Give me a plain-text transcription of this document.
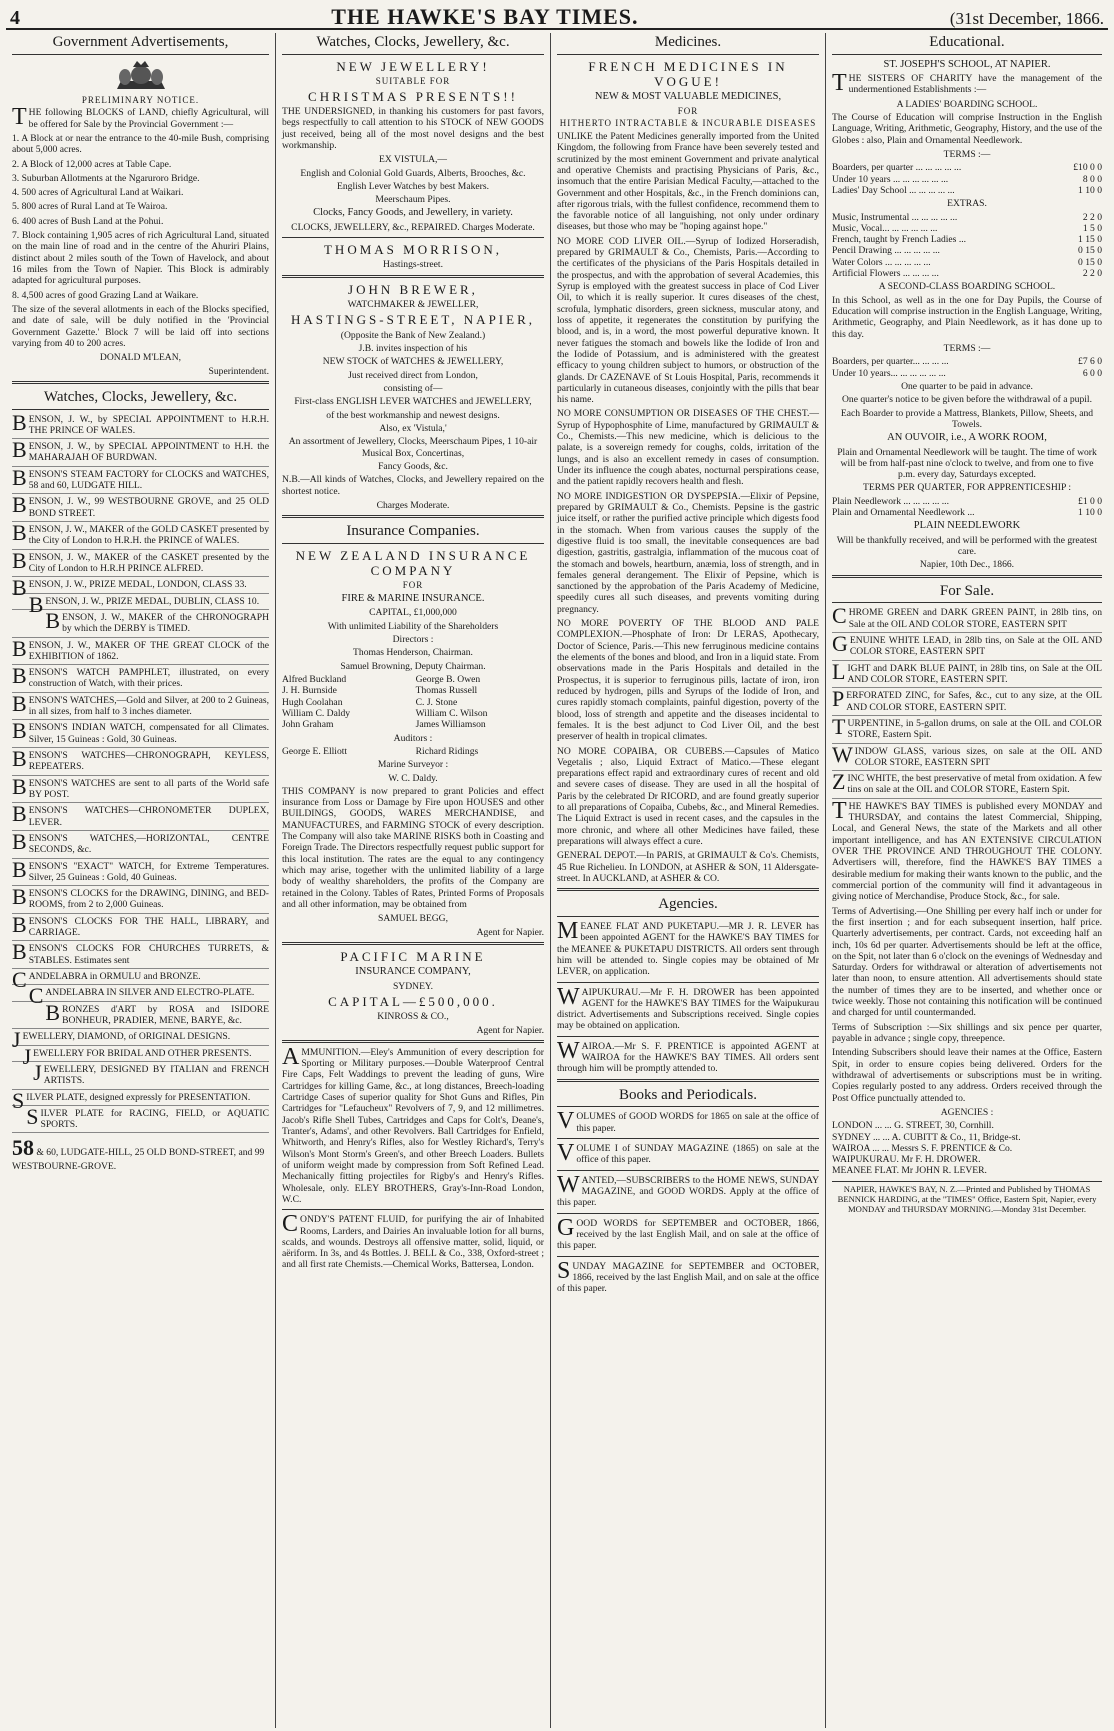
4	THE HAWKE'S BAY TIMES.	(31st December, 1866.
Government Advertisements,
PRELIMINARY NOTICE.

THE following BLOCKS of LAND, chiefly Agricultural, will be offered for Sale by the Provincial Government :—

1. A Block at or near the entrance to the 40-mile Bush, comprising about 5,000 acres.

2. A Block of 12,000 acres at Table Cape.

3. Suburban Allotments at the Ngaruroro Bridge.

4. 500 acres of Agricultural Land at Waikari.

5. 800 acres of Rural Land at Te Wairoa.

6. 400 acres of Bush Land at the Pohui.

7. Block containing 1,905 acres of rich Agricultural Land, situated on the main line of road and in the centre of the Ahuriri Plains, distinct about 2 miles south of the Town of Havelock, and about 16 miles from the Town of Napier. This Block is admirably adapted for agricultural purposes.

8. 4,500 acres of good Grazing Land at Waikare.

The size of the several allotments in each of the Blocks specified, and date of sale, will be duly notified in the 'Provincial Government Gazette.' Block 7 will be laid off into sections varying from 40 to 200 acres.

DONALD M'LEAN,
Superintendent.
Watches, Clocks, Jewellery, &c.
BENSON, J. W., by SPECIAL APPOINTMENT to H.R.H. THE PRINCE OF WALES.
BENSON, J. W., by SPECIAL APPOINTMENT to H.H. the MAHARAJAH OF BURDWAN.
BENSON'S STEAM FACTORY for CLOCKS and WATCHES, 58 and 60, LUDGATE HILL.
BENSON, J. W., 99 WESTBOURNE GROVE, and 25 OLD BOND STREET.
BENSON, J. W., MAKER of the GOLD CASKET presented by the City of London to H.R.H. the PRINCE of WALES.
BENSON, J. W., MAKER of the CASKET presented by the City of London to H.R.H PRINCE ALFRED.
BENSON, J. W., PRIZE MEDAL, LONDON, CLASS 33.
BENSON, J. W., PRIZE MEDAL, DUBLIN, CLASS 10.
BENSON, J. W., MAKER of the CHRONOGRAPH by which the DERBY is TIMED.
BENSON, J. W., MAKER OF THE GREAT CLOCK of the EXHIBITION of 1862.
BENSON'S WATCH PAMPHLET, illustrated, on every construction of Watch, with their prices.
BENSON'S WATCHES,—Gold and Silver, at 200 to 2 Guineas, in all sizes, from half to 3 inches diameter.
BENSON'S INDIAN WATCH, compensated for all Climates. Silver, 15 Guineas : Gold, 30 Guineas.
BENSON'S WATCHES—CHRONOGRAPH, KEYLESS, REPEATERS.
BENSON'S WATCHES are sent to all parts of the World safe BY POST.
BENSON'S WATCHES—CHRONOMETER DUPLEX, LEVER.
BENSON'S WATCHES,—HORIZONTAL, CENTRE SECONDS, &c.
BENSON'S "EXACT" WATCH, for Extreme Temperatures. Silver, 25 Guineas : Gold, 40 Guineas.
BENSON'S CLOCKS for the DRAWING, DINING, and BED-ROOMS, from 2 to 2,000 Guineas.
BENSON'S CLOCKS FOR THE HALL, LIBRARY, and CARRIAGE.
BENSON'S CLOCKS FOR CHURCHES TURRETS, & STABLES. Estimates sent
CANDELABRA in ORMULU and BRONZE.
CANDELABRA IN SILVER AND ELECTRO-PLATE.
BRONZES d'ART by ROSA and ISIDORE BONHEUR, PRADIER, MENE, BARYE, &c.
JEWELLERY, DIAMOND, of ORIGINAL DESIGNS.
JEWELLERY FOR BRIDAL AND OTHER PRESENTS.
JEWELLERY, DESIGNED BY ITALIAN and FRENCH ARTISTS.
SILVER PLATE, designed expressly for PRESENTATION.
SILVER PLATE for RACING, FIELD, or AQUATIC SPORTS.
58 & 60, LUDGATE-HILL, 25 OLD BOND-STREET, and 99 WESTBOURNE-GROVE.
Watches, Clocks, Jewellery, &c.
NEW JEWELLERY!
SUITABLE FOR
CHRISTMAS PRESENTS!!

THE UNDERSIGNED, in thanking his customers for past favors, begs respectfully to call attention to his STOCK of NEW GOODS just received, being all of the most novel designs and the best workmanship.

EX VISTULA,—
English and Colonial Gold Guards, Alberts, Brooches, &c.
English Lever Watches by best Makers.
Meerschaum Pipes.
Clocks, Fancy Goods, and Jewellery, in variety.
CLOCKS, JEWELLERY, &c., REPAIRED. Charges Moderate.
THOMAS MORRISON,
Hastings-street.
JOHN BREWER,
WATCHMAKER & JEWELLER,
HASTINGS-STREET, NAPIER,
(Opposite the Bank of New Zealand.)
J.B. invites inspection of his
NEW STOCK of WATCHES & JEWELLERY,
Just received direct from London,
consisting of—
First-class ENGLISH LEVER WATCHES and JEWELLERY,
of the best workmanship and newest designs.
Also, ex 'Vistula,'
An assortment of Jewellery, Clocks, Meerschaum Pipes, 1 10-air Musical Box, Concertinas,
Fancy Goods, &c.

N.B.—All kinds of Watches, Clocks, and Jewellery repaired on the shortest notice.

Charges Moderate.
Insurance Companies.
NEW ZEALAND INSURANCE COMPANY
FOR
FIRE & MARINE INSURANCE.
CAPITAL, £1,000,000
With unlimited Liability of the Shareholders
Directors :
Thomas Henderson, Chairman.
Samuel Browning, Deputy Chairman.
Alfred Buckland	George B. Owen
J. H. Burnside	Thomas Russell
Hugh Coolahan	C. J. Stone
William C. Daldy	William C. Wilson
John Graham	James Williamson
Auditors :
George E. Elliott	Richard Ridings
Marine Surveyor :
W. C. Daldy.

THIS COMPANY is now prepared to grant Policies and effect insurance from Loss or Damage by Fire upon HOUSES and other BUILDINGS, GOODS, WARES MERCHANDISE, and MANUFACTURES, and FARMING STOCK of every description. The Company will also take MARINE RISKS both in Coasting and Foreign Trade. The Directors respectfully request public support for this local institution. The rates are the equal to any contingency which may arise, together with the unlimited liability of a large body of wealthy shareholders, the profits of the Company are retained in the Colony. Tables of Rates, Printed Forms of Proposals and all other information, may be obtained from

SAMUEL BEGG,
Agent for Napier.
PACIFIC MARINE
INSURANCE COMPANY,
SYDNEY.
CAPITAL—£500,000.
KINROSS & CO.,
Agent for Napier.

AMMUNITION.—Eley's Ammunition of every description for Sporting or Military purposes.—Double Waterproof Central Fire Caps, Felt Waddings to prevent the leading of guns, Wire Cartridges for killing Game, &c., at long distances, Breech-loading Cartridge Cases of superior quality for Shot Guns and Rifles, Pin Cartridges for "Lefaucheux" Revolvers of 7, 9, and 12 millimetres. Jacob's Rifle Shell Tubes, Cartridges and Caps for Colt's, Deane's, Tranter's, Adams', and other Revolvers. Ball Cartridges for Enfield, Whitworth, and Henry's Rifles, also for Westley Richard's, Terry's Wilson's Mont Storm's Green's, and other Breech Loaders. Bullets of uniform weight made by compression from Soft Refined Lead. Mechanically fitting projectiles for Rigby's and Henry's Rifles. Wholesale, only. ELEY BROTHERS, Gray's-Inn-Road London, W.C.

CONDY'S PATENT FLUID, for purifying the air of Inhabited Rooms, Larders, and Dairies An invaluable lotion for all burns, scalds, and wounds. Destroys all offensive matter, solid, liquid, or aëriform. In 3s, and 4s Bottles. J. BELL & Co., 338, Oxford-street ; and all first rate Chemists.—Chemical Works, Battersea, London.

Medicines.
FRENCH MEDICINES IN VOGUE!
NEW & MOST VALUABLE MEDICINES,
FOR
HITHERTO INTRACTABLE & INCURABLE DISEASES

UNLIKE the Patent Medicines generally imported from the United Kingdom, the following from France have been severely tested and scrutinized by the most eminent Government and private analytical and operative Chemists and practising Physicians of Paris, &c., insomuch that the entire Parisian Medical Faculty,—attached to the Government and other Hospitals, &c., in the French dominions can, after rigorous trials, with the fullest confidence, recommend them to the favorable notice of all languishing, not only under ordinary diseases, but those who may be "hoping against hope."

NO MORE COD LIVER OIL.—Syrup of Iodized Horseradish, prepared by GRIMAULT & Co., Chemists, Paris.—According to the certificates of the physicians of the Paris Hospitals detailed in the prospectus, and with the approbation of several Academies, this Syrup is employed with the greatest success in place of Cod Liver Oil, to which it is really superior. It cures diseases of the chest, scrofula, lymphatic disorders, green sickness, muscular atony, and loss of appetite, it regenerates the constitution by purifying the blood, and is, in a word, the most powerful depurative known. It never fatigues the stomach and bowels like the Iodide of Iron and the Iodide of Potassium, and is administered with the greatest efficacy to young children subject to humors, or obstruction of the glands. Dr CAZENAVE of St Louis Hospital, Paris, recommends it particularly in cutaneous diseases, conjointly with the pills that bear his name.

NO MORE CONSUMPTION OR DISEASES OF THE CHEST.—Syrup of Hypophosphite of Lime, manufactured by GRIMAULT & Co., Chemists.—This new medicine, which is delicious to the palate, is a sovereign remedy for coughs, colds, irritation of the lungs, and is also an excellent remedy in cases of consumption. Under its influence the cough abates, nocturnal perspirations cease, and the patient rapidly recovers health and flesh.

NO MORE INDIGESTION OR DYSPEPSIA.—Elixir of Pepsine, prepared by GRIMAULT & Co., Chemists. Pepsine is the gastric juice itself, or rather the purified active principle which digests food in the stomach. When from various causes the supply of the digestive fluid is too small, the inevitable consequences are bad digestion, gastritis, gastralgia, inflammation of the mucous coat of the stomach and bowels, heartburn, anæmia, loss of strength, and in females general derangement. The Elixir of Pepsine, which is sanctioned by the approbation of the Paris Academy of Medicine, speedily cures all such diseases, and prevents vomiting during pregnancy.

NO MORE POVERTY OF THE BLOOD AND PALE COMPLEXION.—Phosphate of Iron: Dr LERAS, Apothecary, Doctor of Science, Paris.—This new ferruginous medicine contains the elements of the bones and blood, and Iron in a liquid state. From observations made in the Paris Hospitals and detailed in the Prospectus, it is superior to ferruginous pills, lactate of iron, iron reduced by hydrogen, pills and Syrups of the Iodide of Iron, and cures rapidly stomach complaints, painful digestion, poverty of the blood, loss of strength and appetite and the diseases incidental to females. It is the best adjunct to Cod Liver Oil, and the best preserver of health in tropical climates.

NO MORE COPAIBA, OR CUBEBS.—Capsules of Matico Vegetalis ; also, Liquid Extract of Matico.—These elegant preparations effect rapid and extraordinary cures of recent and old and severe cases of disease. They are used in all the hospital of Paris by the celebrated Dr RICORD, and are found greatly superior to all preparations of Copaiba, Cubebs, &c., and Mineral Remedies. The Liquid Extract is used in recent cases, and the capsules in the more chronic, and where all other Medicines have failed, these preparations will always effect a cure.

GENERAL DEPOT.—In PARIS, at GRIMAULT & Co's. Chemists, 45 Rue Richelieu. In LONDON, at ASHER & SON, 11 Aldersgate-street. In AUCKLAND, at ASHER & CO.

Agencies.

MEANEE FLAT AND PUKETAPU.—MR J. R. LEVER has been appointed AGENT for the HAWKE'S BAY TIMES for the MEANEE & PUKETAPU DISTRICTS. All orders sent through him will be attended to. Single copies may be obtained of Mr LEVER, on application.

WAIPUKURAU.—Mr F. H. DROWER has been appointed AGENT for the HAWKE'S BAY TIMES for the Waipukurau district. Advertisements and Subscriptions received. Single copies may be obtained on application.

WAIROA.—Mr S. F. PRENTICE is appointed AGENT at WAIROA for the HAWKE'S BAY TIMES. All orders sent through him will be promptly attended to.

Books and Periodicals.

VOLUMES of GOOD WORDS for 1865 on sale at the office of this paper.

VOLUME I of SUNDAY MAGAZINE (1865) on sale at the office of this paper.

WANTED,—SUBSCRIBERS to the HOME NEWS, SUNDAY MAGAZINE, and GOOD WORDS. Apply at the office of this paper.

GOOD WORDS for SEPTEMBER and OCTOBER, 1866, received by the last English Mail, and on sale at the office of this paper.

SUNDAY MAGAZINE for SEPTEMBER and OCTOBER, 1866, received by the last English Mail, and on sale at the office of this paper.

Educational.
ST. JOSEPH'S SCHOOL, AT NAPIER.

THE SISTERS OF CHARITY have the management of the undermentioned Establishments :—

A LADIES' BOARDING SCHOOL.

The Course of Education will comprise Instruction in the English Language, Writing, Arithmetic, Geography, History, and the use of the Globes : also, Plain and Ornamental Needlework.

TERMS :—
Boarders, per quarter ... ... ... ... ...	£10 0 0
Under 10 years ... ... ... ... ... ...	8 0 0
Ladies' Day School ... ... ... ... ...	1 10 0
EXTRAS.
Music, Instrumental ... ... ... ... ...	2 2 0
Music, Vocal... ... ... ... ... ...	1 5 0
French, taught by French Ladies ...	1 15 0
Pencil Drawing ... ... ... ... ...	0 15 0
Water Colors ... ... ... ... ...	0 15 0
Artificial Flowers ... ... ... ...	2 2 0
A SECOND-CLASS BOARDING SCHOOL.

In this School, as well as in the one for Day Pupils, the Course of Education will comprise instruction in the English Language, Writing, Arithmetic, Geography, and Plain Needlework, as it has done up to this day.

TERMS :—
Boarders, per quarter... ... ... ...	£7 6 0
Under 10 years... ... ... ... ... ...	6 0 0
One quarter to be paid in advance.
One quarter's notice to be given before the withdrawal of a pupil.
Each Boarder to provide a Mattress, Blankets, Pillow, Sheets, and Towels.
AN OUVOIR, i.e., A WORK ROOM,
Plain and Ornamental Needlework will be taught. The time of work will be from half-past nine o'clock to twelve, and from one to five p.m. every day, Saturdays excepted.
TERMS PER QUARTER, FOR APPRENTICESHIP :
Plain Needlework ... ... ... ... ...	£1 0 0
Plain and Ornamental Needlework ...	1 10 0
PLAIN NEEDLEWORK
Will be thankfully received, and will be performed with the greatest care.
Napier, 10th Dec., 1866.
For Sale.
CHROME GREEN and DARK GREEN PAINT, in 28lb tins, on Sale at the OIL AND COLOR STORE, EASTERN SPIT
GENUINE WHITE LEAD, in 28lb tins, on Sale at the OIL AND COLOR STORE, EASTERN SPIT
LIGHT and DARK BLUE PAINT, in 28lb tins, on Sale at the OIL AND COLOR STORE, EASTERN SPIT.
PERFORATED ZINC, for Safes, &c., cut to any size, at the OIL AND COLOR STORE, EASTERN SPIT.
TURPENTINE, in 5-gallon drums, on sale at the OIL and COLOR STORE, Eastern Spit.
WINDOW GLASS, various sizes, on sale at the OIL AND COLOR STORE, EASTERN SPIT
ZINC WHITE, the best preservative of metal from oxidation. A few tins on sale at the OIL and COLOR STORE, Eastern Spit.

THE HAWKE'S BAY TIMES is published every MONDAY and THURSDAY, and contains the latest Commercial, Shipping, Local, and General News, the state of the Markets and all other important intelligence, and has AN EXTENSIVE CIRCULATION OVER THE PROVINCE AND THROUGHOUT THE COLONY. Advertisers will, therefore, find the HAWKE'S BAY TIMES a desirable medium for making their wants known to the public, and the commercial portion of the community will find it advantageous in giving notice of Merchandise, Produce Stock, &c., for sale.

Terms of Advertising.—One Shilling per every half inch or under for the first insertion ; and for each subsequent insertion, half price. Quarterly advertisements, per contract. Cards, not exceeding half an inch, 10s 6d per quarter. Advertisements should be left at the office, on the Spit, not later than 6 o'clock on the evenings of Wednesday and Saturday. Orders for withdrawal or alteration of advertisements not later than noon, to ensure attention. All advertisements should state the number of times they are to be inserted, and whether once or twice weekly. Those not containing this notification will be continued and charged for until countermanded.

Terms of Subscription :—Six shillings and six pence per quarter, payable in advance ; single copy, threepence.

Intending Subscribers should leave their names at the Office, Eastern Spit, in order to ensure copies being delivered. Orders for the withdrawal of advertisements or subscriptions must be in writing. Copies regularly posted to any address. Orders received through the Post Office punctually attended to.

AGENCIES :
LONDON ... ... G. STREET, 30, Cornhill.
SYDNEY ... ... A. CUBITT & Co., 11, Bridge-st.
WAIROA ... ... Messrs S. F. PRENTICE & Co.
WAIPUKURAU. Mr F. H. DROWER.
MEANEE FLAT. Mr JOHN R. LEVER.
NAPIER, HAWKE'S BAY, N. Z.—Printed and Published by THOMAS BENNICK HARDING, at the "TIMES" Office, Eastern Spit, Napier, every MONDAY and THURSDAY MORNING.—Monday 31st December.
